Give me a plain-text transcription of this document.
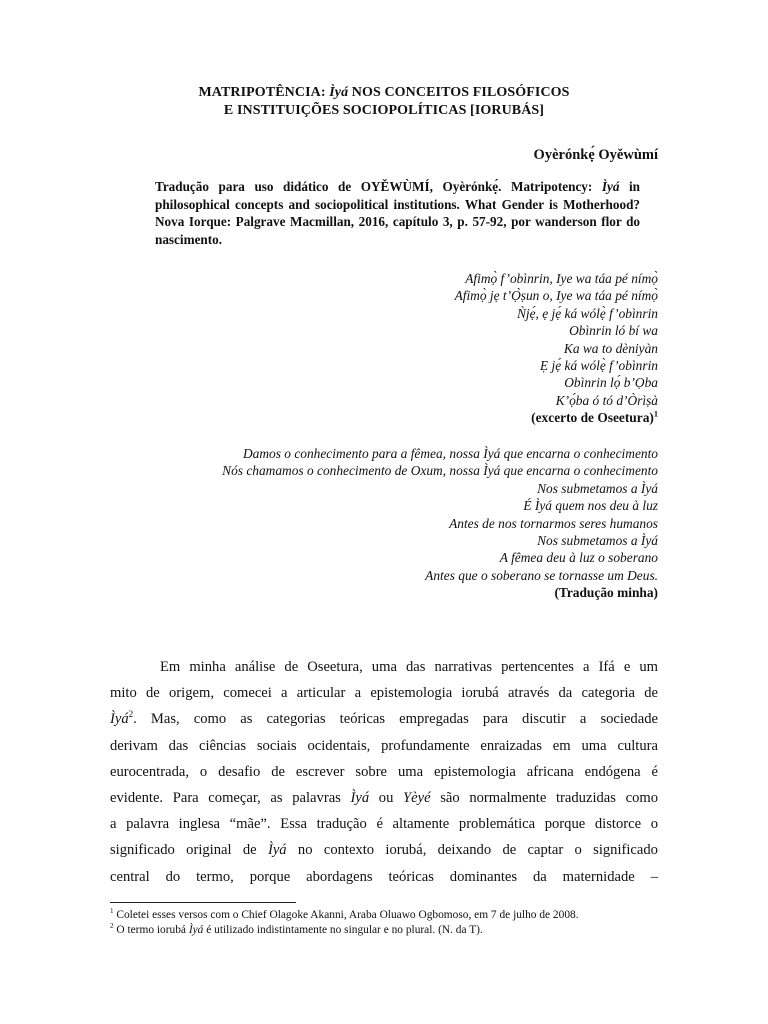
MATRIPOTÊNCIA: Ìyá NOS CONCEITOS FILOSÓFICOS
E INSTITUIÇÕES SOCIOPOLÍTICAS [IORUBÁS]
Oyèrónkẹ́ Oyěwùmí
Tradução para uso didático de OYĚWÙMÍ, Oyèrónkẹ́. Matripotency: Ìyá in philosophical concepts and sociopolitical institutions. What Gender is Motherhood? Nova Iorque: Palgrave Macmillan, 2016, capítulo 3, p. 57-92, por wanderson flor do nascimento.
Afimọ̀ f’obìnrin, Iye wa táa pé nímọ̀
Afimọ̀ jẹ t’Ọ̀ṣun o, Iye wa táa pé nímọ̀
Ǹjẹ́, ẹ jẹ́ ká wólẹ̀ f’obìnrin
Obìnrin ló bí wa
Ka wa to dèniyàn
Ẹ jẹ́ ká wólẹ̀ f’obìnrin
Obìnrin lọ́ b’Ọba
K’ọ́ba ó tó d’Òrìṣà
(excerto de Oseetura)$^1$
Damos o conhecimento para a fêmea, nossa Ìyá que encarna o conhecimento
Nós chamamos o conhecimento de Oxum, nossa Ìyá que encarna o conhecimento
Nos submetamos a Ìyá
É Ìyá quem nos deu à luz
Antes de nos tornarmos seres humanos
Nos submetamos a Ìyá
A fêmea deu à luz o soberano
Antes que o soberano se tornasse um Deus.
(Tradução minha)
Em minha análise de Oseetura, uma das narrativas pertencentes a Ifá e um
mito de origem, comecei a articular a epistemologia iorubá através da categoria de
Ìyá$^2$. Mas, como as categorias teóricas empregadas para discutir a sociedade
derivam das ciências sociais ocidentais, profundamente enraizadas em uma cultura
eurocentrada, o desafio de escrever sobre uma epistemologia africana endógena é
evidente. Para começar, as palavras Ìyá ou Yèyé são normalmente traduzidas como
a palavra inglesa “mãe”. Essa tradução é altamente problemática porque distorce o
significado original de Ìyá no contexto iorubá, deixando de captar o significado
central do termo, porque abordagens teóricas dominantes da maternidade –
$^1$ Coletei esses versos com o Chief Olagoke Akanni, Araba Oluawo Ogbomoso, em 7 de julho de 2008.
$^2$ O termo iorubá Ìyá é utilizado indistintamente no singular e no plural. (N. da T).
